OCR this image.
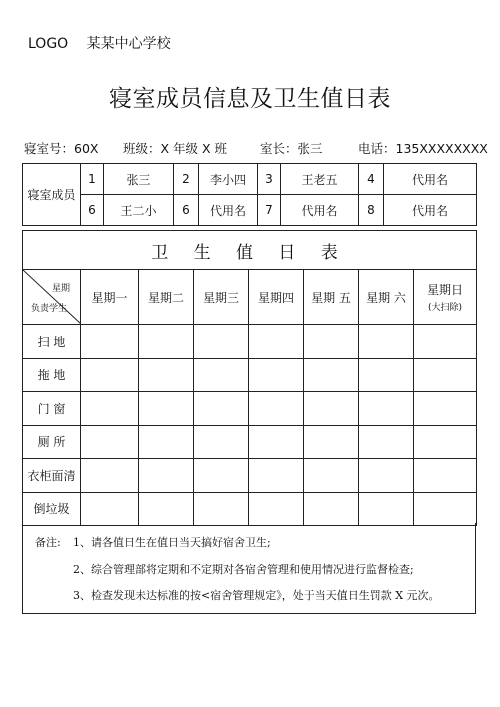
LOGO 某某中心学校
寝室成员信息及卫生值日表
寝室号：60X 班级：X 年级 X 班	室长：张三	电话：135XXXXXXXX
寝室成员	1	张三	2	李小四	3	王老五	4	代用名
	6	王二小	6	代用名	7	代用名	8	代用名
卫 生 值 日 表							

星期
负责学生	星期一	星期二	星期三	星期四	星期 五	星期 六	星期日
(大扫除)

扫 地							
拖 地							
门 窗							
厕 所							
衣柜面清							
倒垃圾							
备注: 1、请各值日生在值日当天搞好宿舍卫生;
2、综合管理部将定期和不定期对各宿舍管理和使用情况进行监督检查;
3、检查发现未达标准的按<宿舍管理规定》，处于当天值日生罚款 X 元次。
